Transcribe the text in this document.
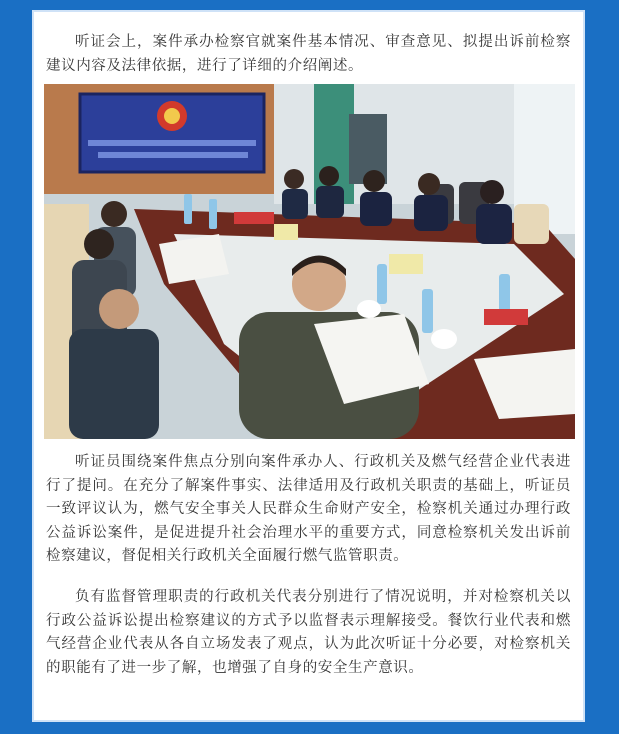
听证会上，案件承办检察官就案件基本情况、审查意见、拟提出诉前检察建议内容及法律依据，进行了详细的介绍阐述。

听证员围绕案件焦点分别向案件承办人、行政机关及燃气经营企业代表进行了提问。在充分了解案件事实、法律适用及行政机关职责的基础上，听证员一致评议认为，燃气安全事关人民群众生命财产安全，检察机关通过办理行政公益诉讼案件，是促进提升社会治理水平的重要方式，同意检察机关发出诉前检察建议，督促相关行政机关全面履行燃气监管职责。

负有监督管理职责的行政机关代表分别进行了情况说明，并对检察机关以行政公益诉讼提出检察建议的方式予以监督表示理解接受。餐饮行业代表和燃气经营企业代表从各自立场发表了观点，认为此次听证十分必要，对检察机关的职能有了进一步了解，也增强了自身的安全生产意识。
